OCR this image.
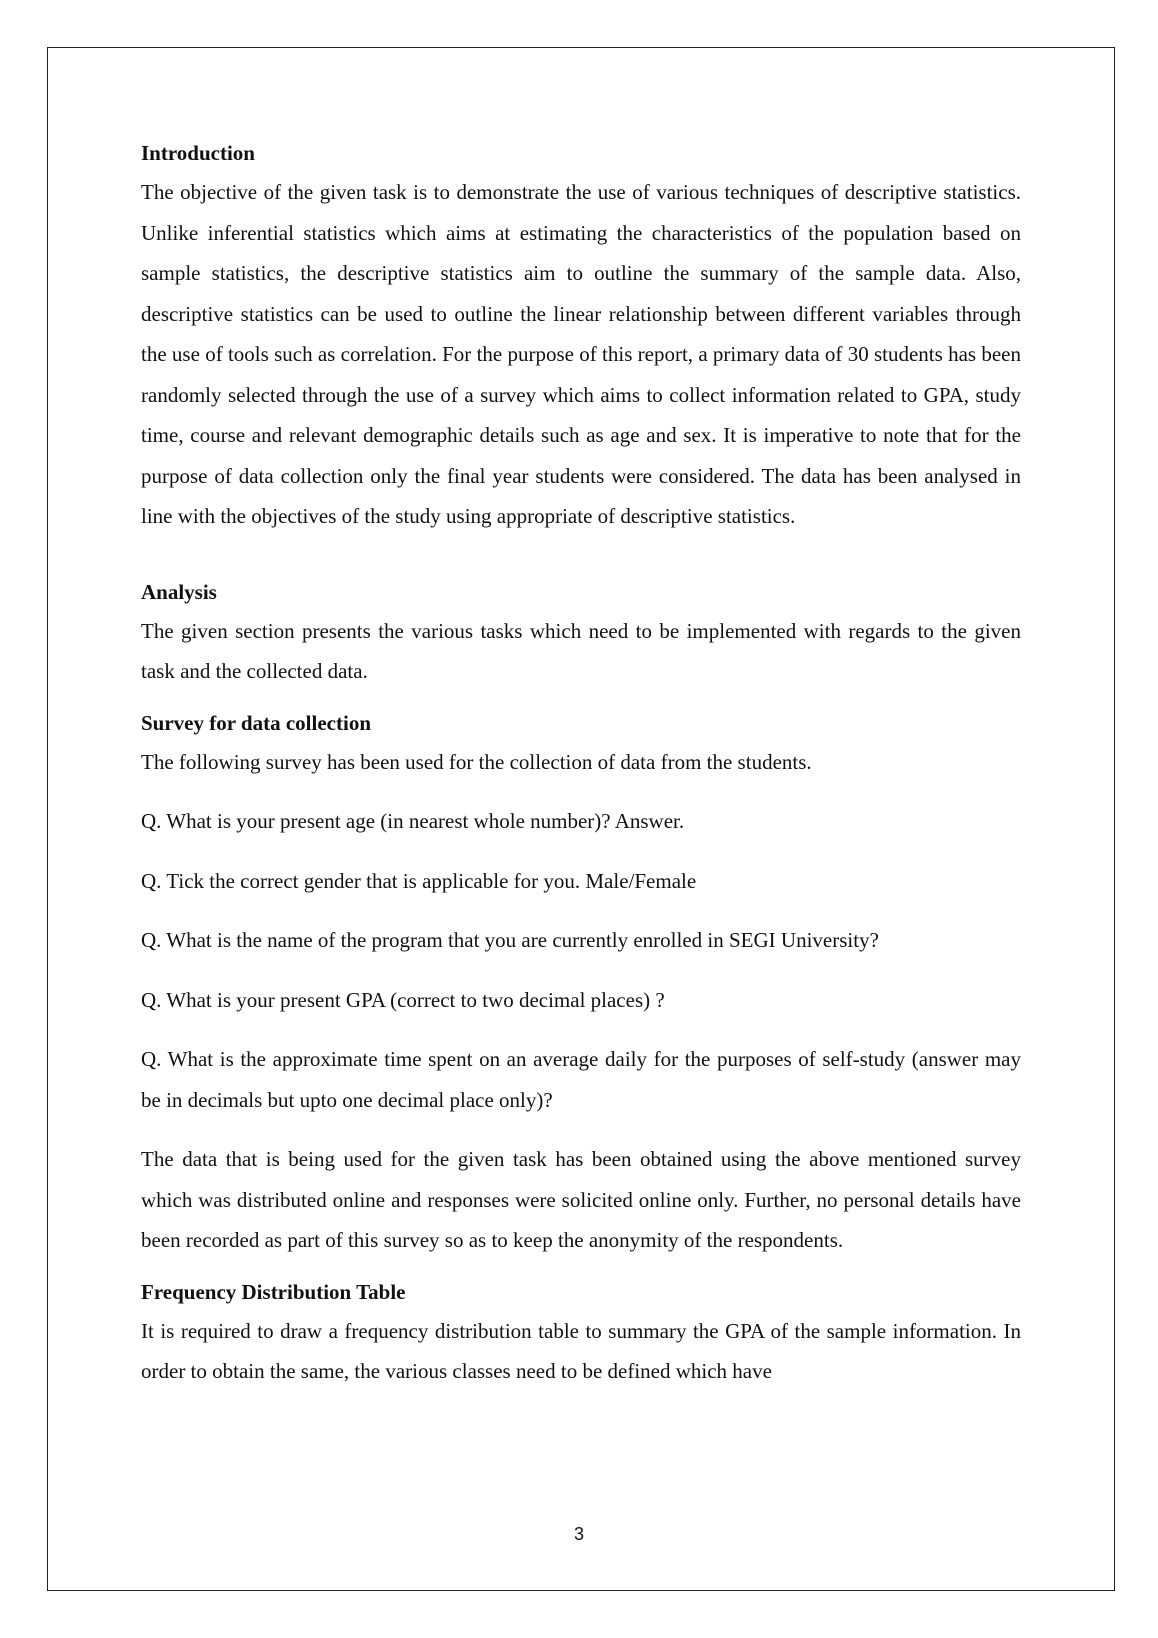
Introduction

The objective of the given task is to demonstrate the use of various techniques of descriptive statistics. Unlike inferential statistics which aims at estimating the characteristics of the population based on sample statistics, the descriptive statistics aim to outline the summary of the sample data. Also, descriptive statistics can be used to outline the linear relationship between different variables through the use of tools such as correlation. For the purpose of this report, a primary data of 30 students has been randomly selected through the use of a survey which aims to collect information related to GPA, study time, course and relevant demographic details such as age and sex. It is imperative to note that for the purpose of data collection only the final year students were considered. The data has been analysed in line with the objectives of the study using appropriate of descriptive statistics.

Analysis

The given section presents the various tasks which need to be implemented with regards to the given task and the collected data.

Survey for data collection

The following survey has been used for the collection of data from the students.

Q. What is your present age (in nearest whole number)? Answer.

Q. Tick the correct gender that is applicable for you. Male/Female

Q. What is the name of the program that you are currently enrolled in SEGI University?

Q. What is your present GPA (correct to two decimal places) ?

Q. What is the approximate time spent on an average daily for the purposes of self-study (answer may be in decimals but upto one decimal place only)?

The data that is being used for the given task has been obtained using the above mentioned survey which was distributed online and responses were solicited online only. Further, no personal details have been recorded as part of this survey so as to keep the anonymity of the respondents.

Frequency Distribution Table

It is required to draw a frequency distribution table to summary the GPA of the sample information. In order to obtain the same, the various classes need to be defined which have

3
